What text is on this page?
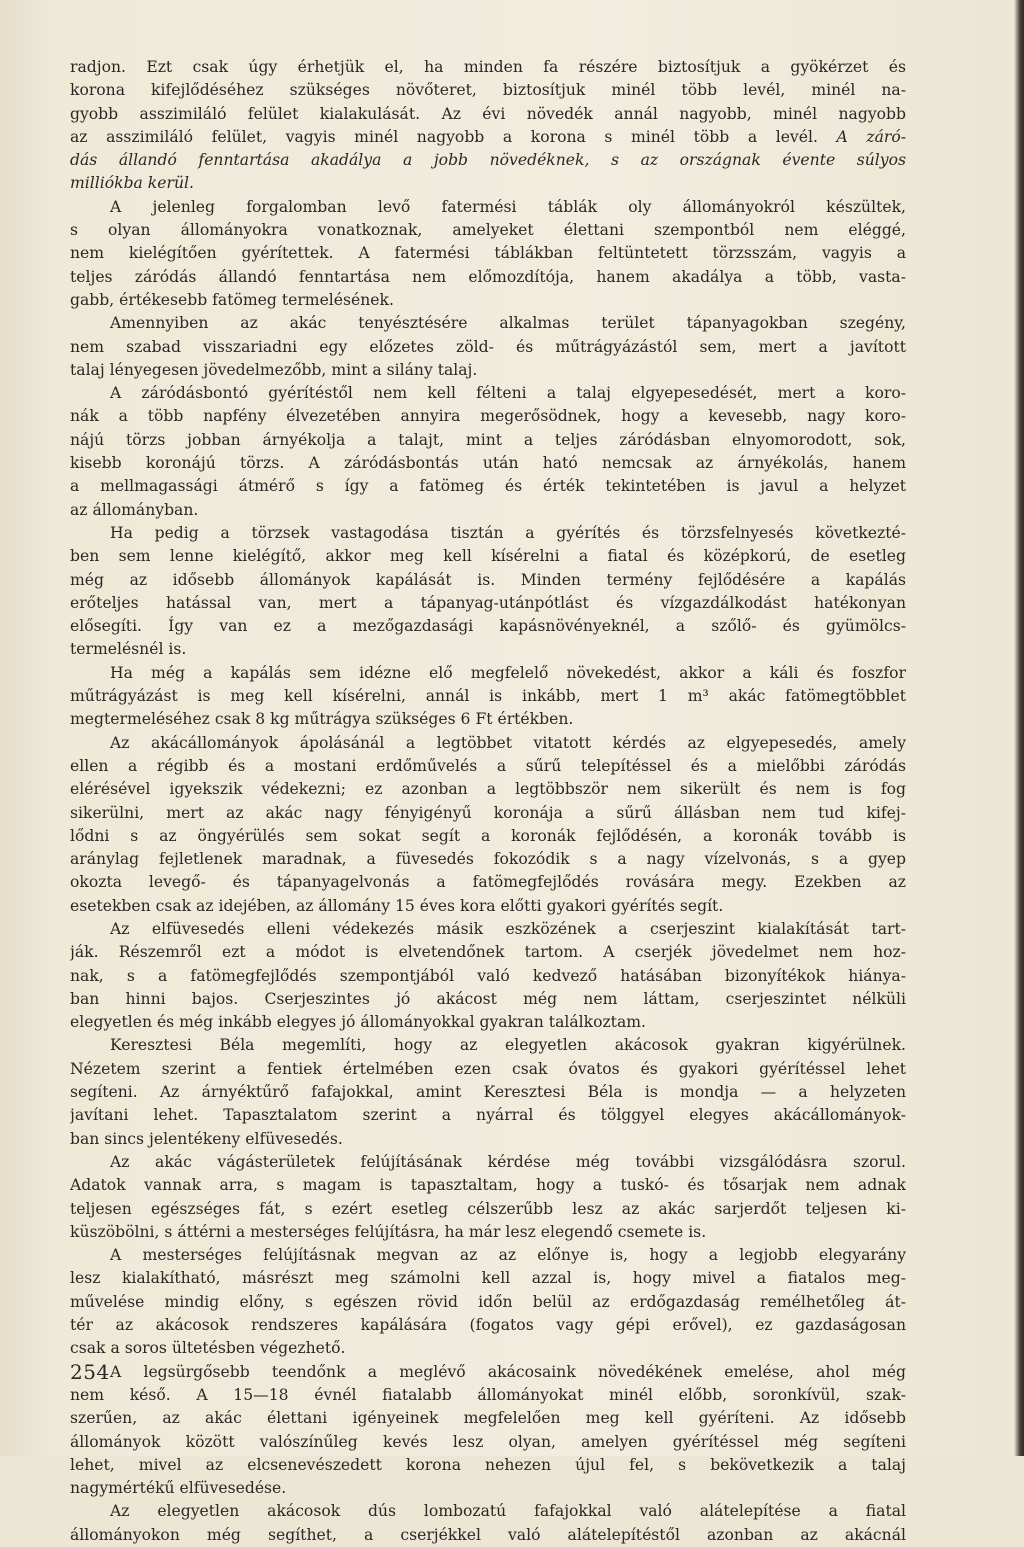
radjon. Ezt csak úgy érhetjük el, ha minden fa részére biztosítjuk a gyökérzet és
korona kifejlődéséhez szükséges növőteret, biztosítjuk minél több levél, minél na-
gyobb asszimiláló felület kialakulását. Az évi növedék annál nagyobb, minél nagyobb
az asszimiláló felület, vagyis minél nagyobb a korona s minél több a levél. A záró-
dás állandó fenntartása akadálya a jobb növedéknek, s az országnak évente súlyos
milliókba kerül.
A jelenleg forgalomban levő fatermési táblák oly állományokról készültek,
s olyan állományokra vonatkoznak, amelyeket élettani szempontból nem eléggé,
nem kielégítően gyérítettek. A fatermési táblákban feltüntetett törzsszám, vagyis a
teljes záródás állandó fenntartása nem előmozdítója, hanem akadálya a több, vasta-
gabb, értékesebb fatömeg termelésének.
Amennyiben az akác tenyésztésére alkalmas terület tápanyagokban szegény,
nem szabad visszariadni egy előzetes zöld- és műtrágyázástól sem, mert a javított
talaj lényegesen jövedelmezőbb, mint a silány talaj.
A záródásbontó gyérítéstől nem kell félteni a talaj elgyepesedését, mert a koro-
nák a több napfény élvezetében annyira megerősödnek, hogy a kevesebb, nagy koro-
nájú törzs jobban árnyékolja a talajt, mint a teljes záródásban elnyomorodott, sok,
kisebb koronájú törzs. A záródásbontás után ható nemcsak az árnyékolás, hanem
a mellmagassági átmérő s így a fatömeg és érték tekintetében is javul a helyzet
az állományban.
Ha pedig a törzsek vastagodása tisztán a gyérítés és törzsfelnyesés következté-
ben sem lenne kielégítő, akkor meg kell kísérelni a fiatal és középkorú, de esetleg
még az idősebb állományok kapálását is. Minden termény fejlődésére a kapálás
erőteljes hatással van, mert a tápanyag-utánpótlást és vízgazdálkodást hatékonyan
elősegíti. Így van ez a mezőgazdasági kapásnövényeknél, a szőlő- és gyümölcs-
termelésnél is.
Ha még a kapálás sem idézne elő megfelelő növekedést, akkor a káli és foszfor
műtrágyázást is meg kell kísérelni, annál is inkább, mert 1 m³ akác fatömegtöbblet
megtermeléséhez csak 8 kg műtrágya szükséges 6 Ft értékben.
Az akácállományok ápolásánál a legtöbbet vitatott kérdés az elgyepesedés, amely
ellen a régibb és a mostani erdőművelés a sűrű telepítéssel és a mielőbbi záródás
elérésével igyekszik védekezni; ez azonban a legtöbbször nem sikerült és nem is fog
sikerülni, mert az akác nagy fényigényű koronája a sűrű állásban nem tud kifej-
lődni s az öngyérülés sem sokat segít a koronák fejlődésén, a koronák tovább is
aránylag fejletlenek maradnak, a füvesedés fokozódik s a nagy vízelvonás, s a gyep
okozta levegő- és tápanyagelvonás a fatömegfejlődés rovására megy. Ezekben az
esetekben csak az idejében, az állomány 15 éves kora előtti gyakori gyérítés segít.
Az elfüvesedés elleni védekezés másik eszközének a cserjeszint kialakítását tart-
ják. Részemről ezt a módot is elvetendőnek tartom. A cserjék jövedelmet nem hoz-
nak, s a fatömegfejlődés szempontjából való kedvező hatásában bizonyítékok hiánya-
ban hinni bajos. Cserjeszintes jó akácost még nem láttam, cserjeszintet nélküli
elegyetlen és még inkább elegyes jó állományokkal gyakran találkoztam.
Keresztesi Béla megemlíti, hogy az elegyetlen akácosok gyakran kigyérülnek.
Nézetem szerint a fentiek értelmében ezen csak óvatos és gyakori gyérítéssel lehet
segíteni. Az árnyéktűrő fafajokkal, amint Keresztesi Béla is mondja — a helyzeten
javítani lehet. Tapasztalatom szerint a nyárral és tölggyel elegyes akácállományok-
ban sincs jelentékeny elfüvesedés.
Az akác vágásterületek felújításának kérdése még további vizsgálódásra szorul.
Adatok vannak arra, s magam is tapasztaltam, hogy a tuskó- és tősarjak nem adnak
teljesen egészséges fát, s ezért esetleg célszerűbb lesz az akác sarjerdőt teljesen ki-
küszöbölni, s áttérni a mesterséges felújításra, ha már lesz elegendő csemete is.
A mesterséges felújításnak megvan az az előnye is, hogy a legjobb elegyarány
lesz kialakítható, másrészt meg számolni kell azzal is, hogy mivel a fiatalos meg-
művelése mindig előny, s egészen rövid időn belül az erdőgazdaság remélhetőleg át-
tér az akácosok rendszeres kapálására (fogatos vagy gépi erővel), ez gazdaságosan
csak a soros ültetésben végezhető.
A legsürgősebb teendőnk a meglévő akácosaink növedékének emelése, ahol még
nem késő. A 15—18 évnél fiatalabb állományokat minél előbb, soronkívül, szak-
szerűen, az akác élettani igényeinek megfelelően meg kell gyéríteni. Az idősebb
állományok között valószínűleg kevés lesz olyan, amelyen gyérítéssel még segíteni
lehet, mivel az elcsenevészedett korona nehezen újul fel, s bekövetkezik a talaj
nagymértékű elfüvesedése.
Az elegyetlen akácosok dús lombozatú fafajokkal való alátelepítése a fiatal
állományokon még segíthet, a cserjékkel való alátelepítéstől azonban az akácnál
254
